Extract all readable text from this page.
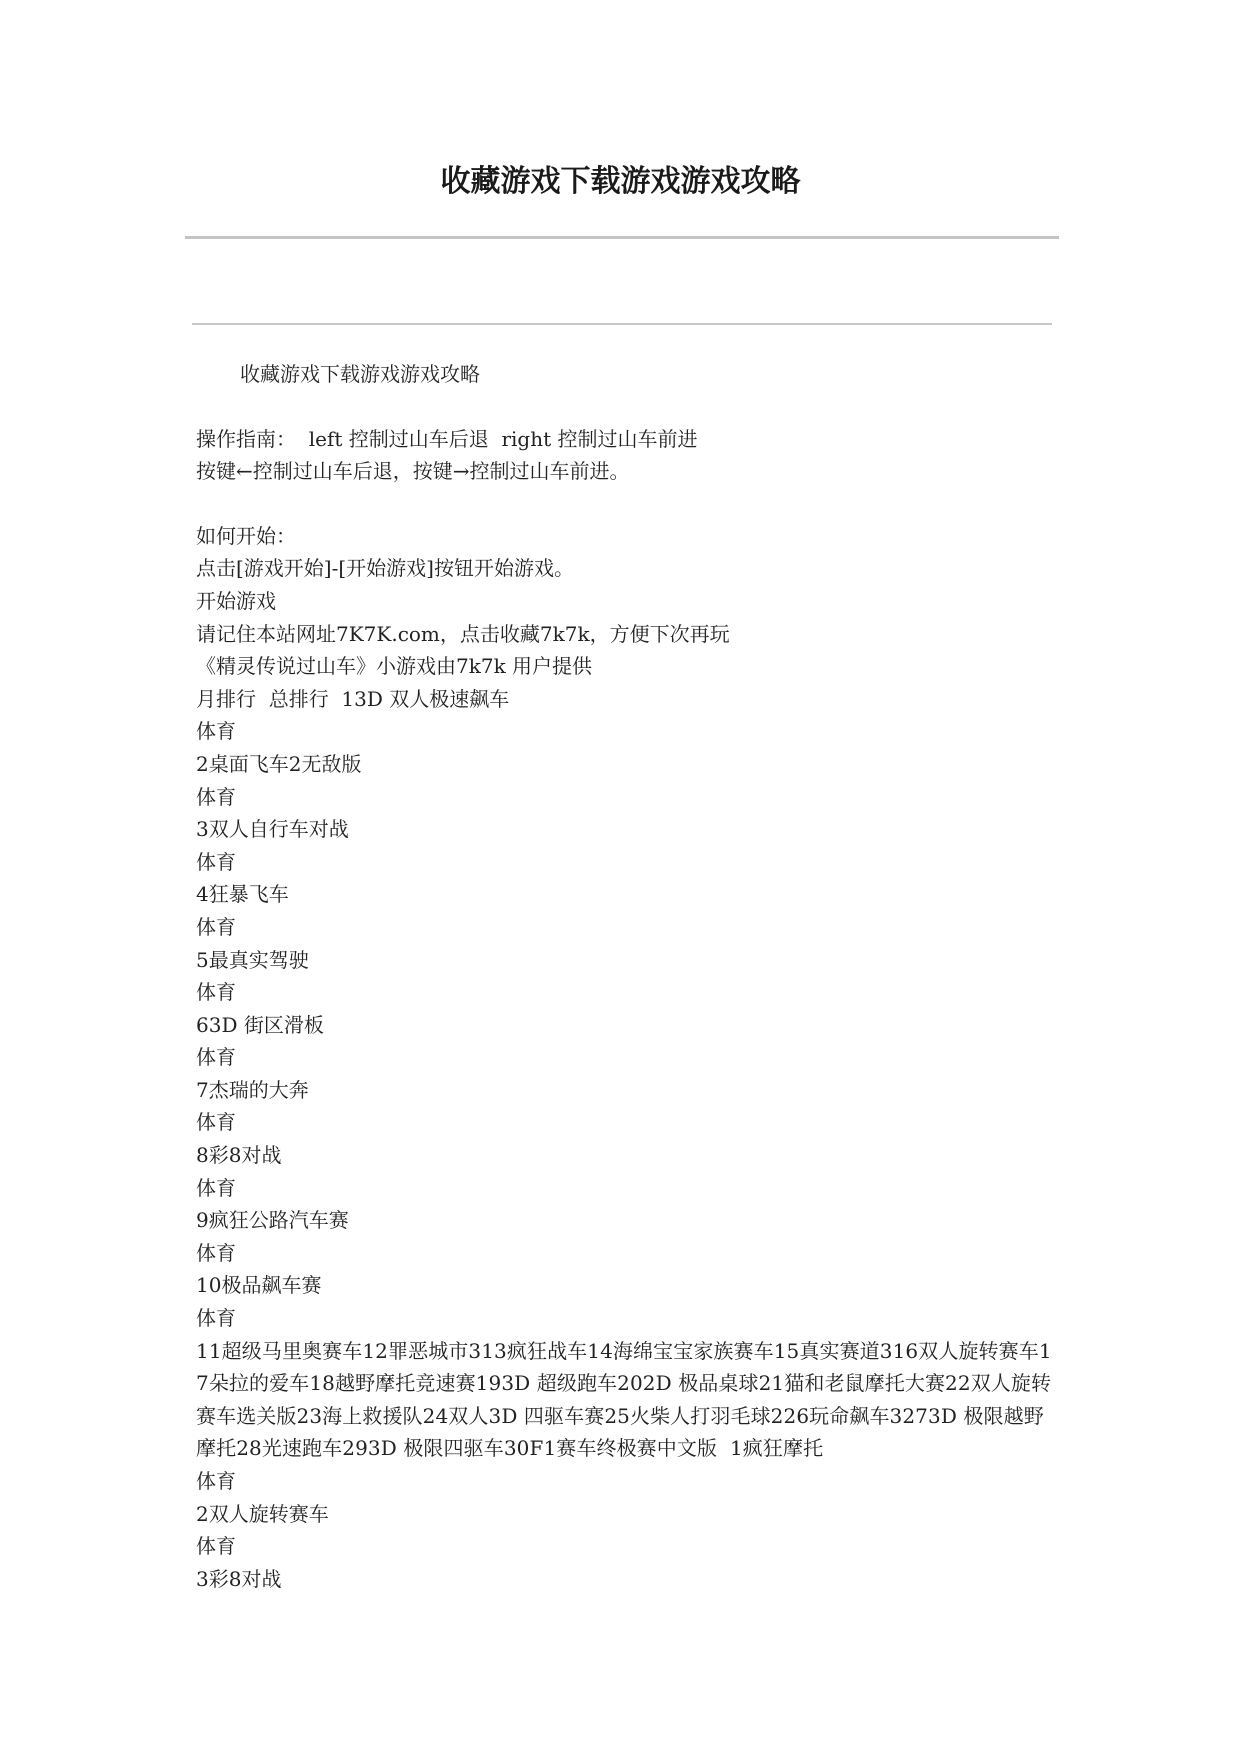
收藏游戏下载游戏游戏攻略

收藏游戏下载游戏游戏攻略

操作指南：  left 控制过山车后退  right 控制过山车前进

按键←控制过山车后退，按键→控制过山车前进。

如何开始：

点击[游戏开始]-[开始游戏]按钮开始游戏。

开始游戏

请记住本站网址7K7K.com，点击收藏7k7k，方便下次再玩

《精灵传说过山车》小游戏由7k7k 用户提供

月排行  总排行  13D 双人极速飙车

体育

2桌面飞车2无敌版

体育

3双人自行车对战

体育

4狂暴飞车

体育

5最真实驾驶

体育

63D 街区滑板

体育

7杰瑞的大奔

体育

8彩8对战

体育

9疯狂公路汽车赛

体育

10极品飙车赛

体育

11超级马里奥赛车12罪恶城市313疯狂战车14海绵宝宝家族赛车15真实赛道316双人旋转赛车17朵拉的爱车18越野摩托竞速赛193D 超级跑车202D 极品桌球21猫和老鼠摩托大赛22双人旋转赛车选关版23海上救援队24双人3D 四驱车赛25火柴人打羽毛球226玩命飙车3273D 极限越野摩托28光速跑车293D 极限四驱车30F1赛车终极赛中文版  1疯狂摩托

体育

2双人旋转赛车

体育

3彩8对战
